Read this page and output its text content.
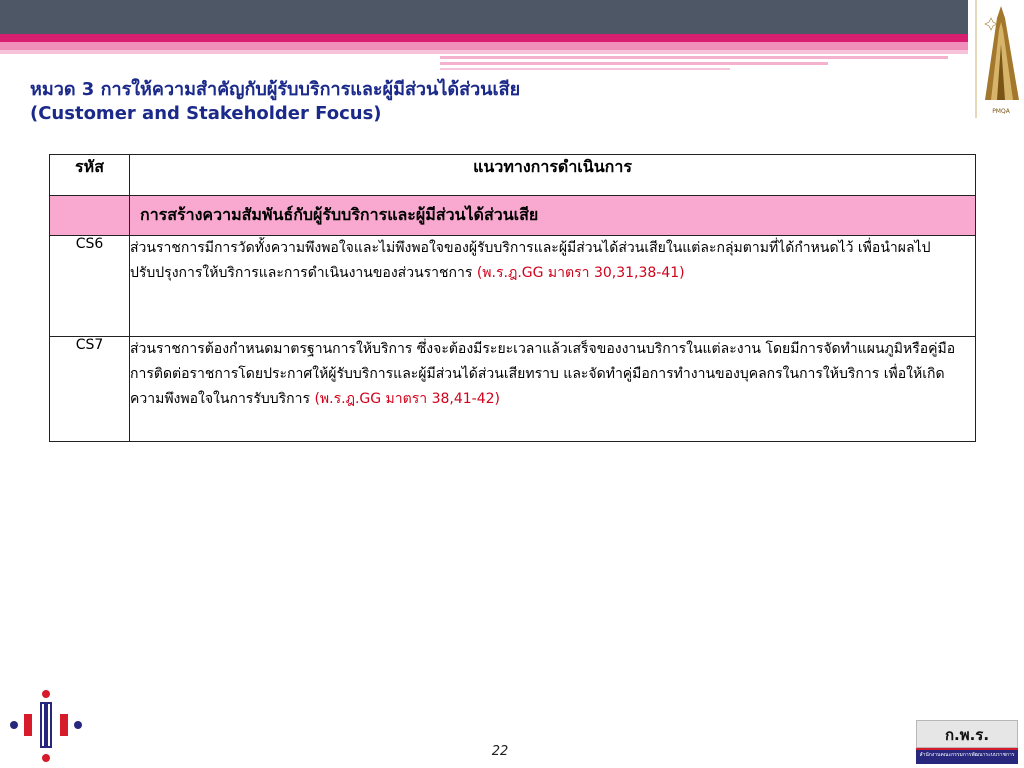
PMQA
หมวด 3 การให้ความสำคัญกับผู้รับบริการและผู้มีส่วนได้ส่วนเสีย
(Customer and Stakeholder Focus)
รหัส	แนวทางการดำเนินการ
	การสร้างความสัมพันธ์กับผู้รับบริการและผู้มีส่วนได้ส่วนเสีย
CS6	ส่วนราชการมีการวัดทั้งความพึงพอใจและไม่พึงพอใจของผู้รับบริการและผู้มีส่วนได้ส่วนเสียในแต่ละกลุ่มตามที่ได้กำหนดไว้ เพื่อนำผลไปปรับปรุงการให้บริการและการดำเนินงานของส่วนราชการ (พ.ร.ฎ.GG มาตรา 30,31,38-41)
CS7	ส่วนราชการต้องกำหนดมาตรฐานการให้บริการ ซึ่งจะต้องมีระยะเวลาแล้วเสร็จของงานบริการในแต่ละงาน โดยมีการจัดทำแผนภูมิหรือคู่มือการติดต่อราชการโดยประกาศให้ผู้รับบริการและผู้มีส่วนได้ส่วนเสียทราบ และจัดทำคู่มือการทำงานของบุคลกรในการให้บริการ เพื่อให้เกิดความพึงพอใจในการรับบริการ (พ.ร.ฎ.GG มาตรา 38,41-42)
22
ก.พ.ร.
สำนักงานคณะกรรมการพัฒนาระบบราชการ
